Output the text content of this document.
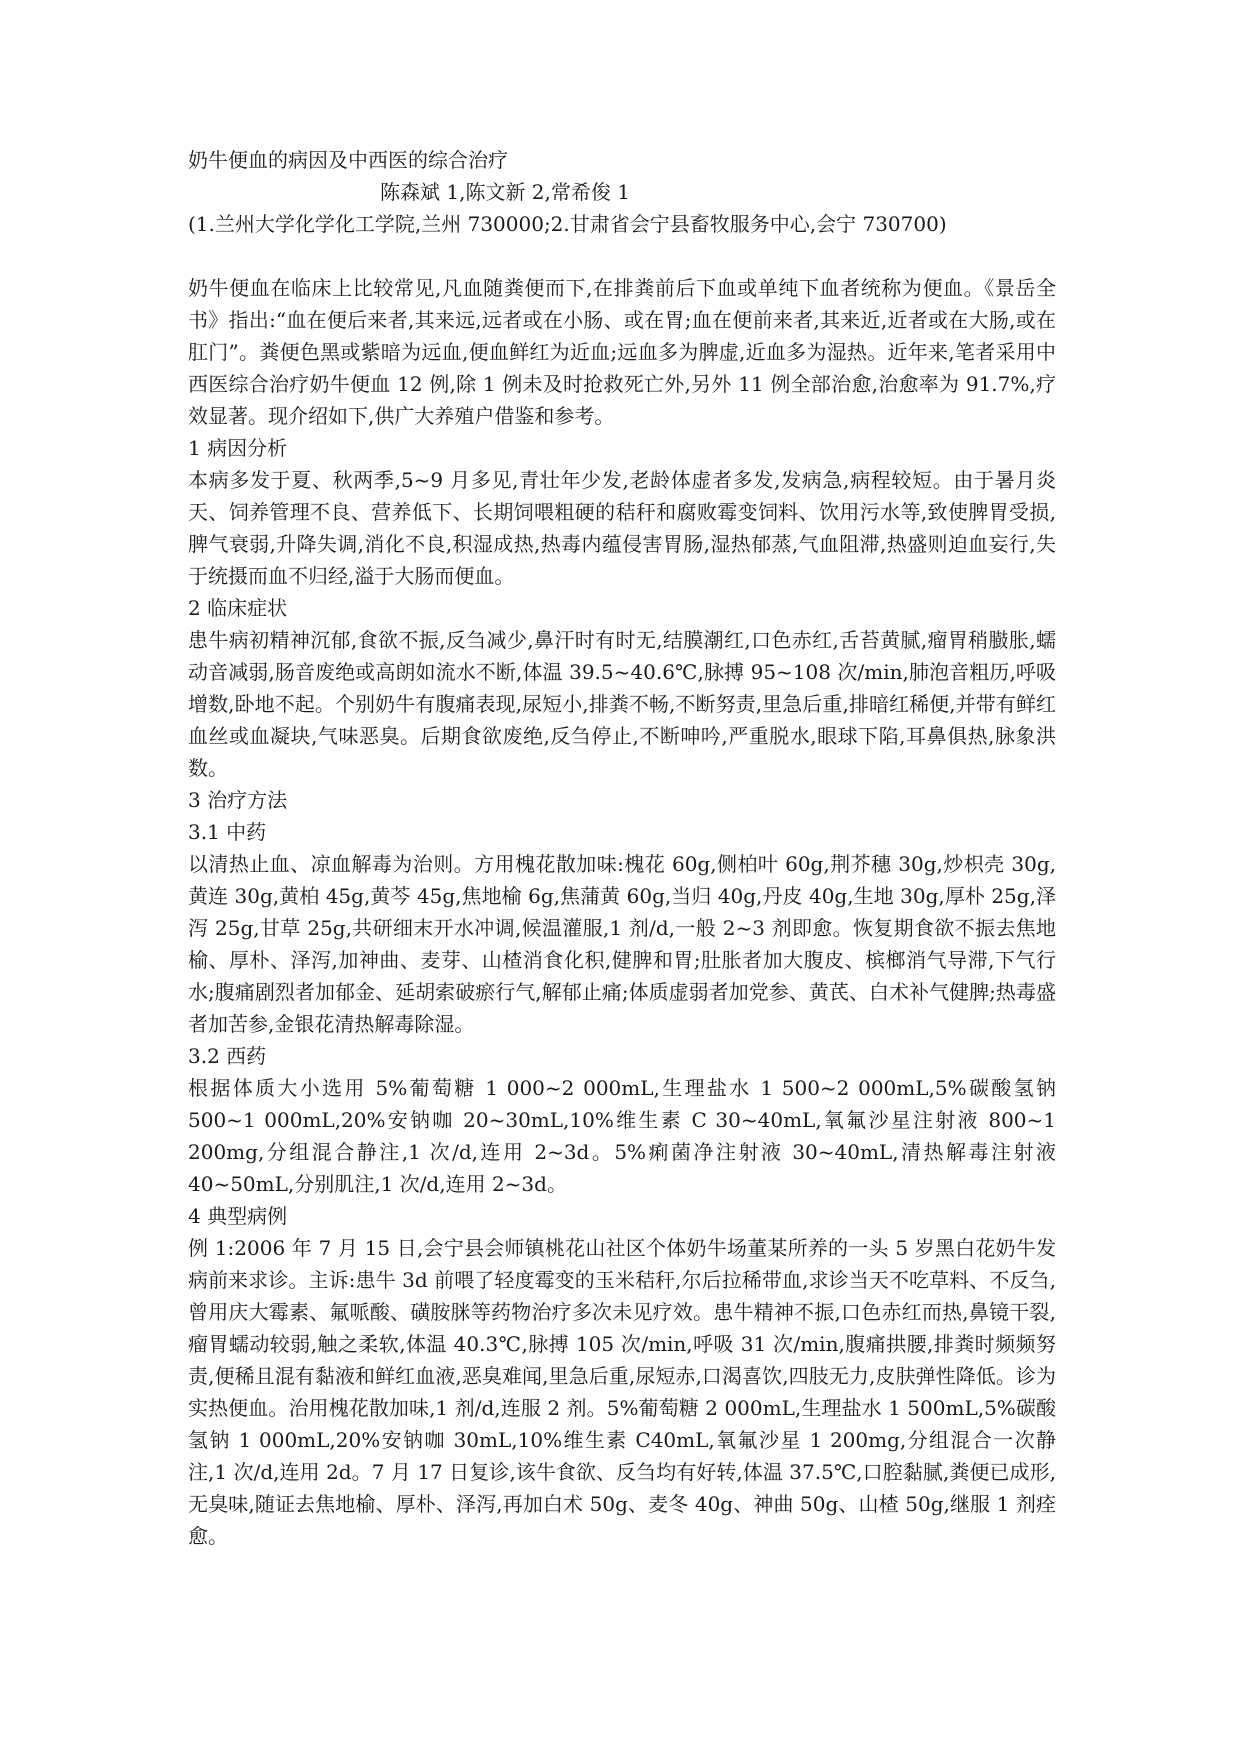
奶牛便血的病因及中西医的综合治疗

陈森斌 1,陈文新 2,常希俊 1

(1.兰州大学化学化工学院,兰州 730000;2.甘肃省会宁县畜牧服务中心,会宁 730700)

奶牛便血在临床上比较常见,凡血随粪便而下,在排粪前后下血或单纯下血者统称为便血。《景岳全书》指出:“血在便后来者,其来远,远者或在小肠、或在胃;血在便前来者,其来近,近者或在大肠,或在肛门”。粪便色黑或紫暗为远血,便血鲜红为近血;远血多为脾虚,近血多为湿热。近年来,笔者采用中西医综合治疗奶牛便血 12 例,除 1 例未及时抢救死亡外,另外 11 例全部治愈,治愈率为 91.7%,疗效显著。现介绍如下,供广大养殖户借鉴和参考。

1 病因分析

本病多发于夏、秋两季,5~9 月多见,青壮年少发,老龄体虚者多发,发病急,病程较短。由于暑月炎天、饲养管理不良、营养低下、长期饲喂粗硬的秸秆和腐败霉变饲料、饮用污水等,致使脾胃受损,脾气衰弱,升降失调,消化不良,积湿成热,热毒内蕴侵害胃肠,湿热郁蒸,气血阻滞,热盛则迫血妄行,失于统摄而血不归经,溢于大肠而便血。

2 临床症状

患牛病初精神沉郁,食欲不振,反刍减少,鼻汗时有时无,结膜潮红,口色赤红,舌苔黄腻,瘤胃稍臌胀,蠕动音减弱,肠音废绝或高朗如流水不断,体温 39.5~40.6℃,脉搏 95~108 次/min,肺泡音粗历,呼吸增数,卧地不起。个别奶牛有腹痛表现,尿短小,排粪不畅,不断努责,里急后重,排暗红稀便,并带有鲜红血丝或血凝块,气味恶臭。后期食欲废绝,反刍停止,不断呻吟,严重脱水,眼球下陷,耳鼻俱热,脉象洪数。

3 治疗方法

3.1 中药

以清热止血、凉血解毒为治则。方用槐花散加味:槐花 60g,侧柏叶 60g,荆芥穗 30g,炒枳壳 30g,黄连 30g,黄柏 45g,黄芩 45g,焦地榆 6g,焦蒲黄 60g,当归 40g,丹皮 40g,生地 30g,厚朴 25g,泽泻 25g,甘草 25g,共研细末开水冲调,候温灌服,1 剂/d,一般 2~3 剂即愈。恢复期食欲不振去焦地榆、厚朴、泽泻,加神曲、麦芽、山楂消食化积,健脾和胃;肚胀者加大腹皮、槟榔消气导滞,下气行水;腹痛剧烈者加郁金、延胡索破瘀行气,解郁止痛;体质虚弱者加党参、黄芪、白术补气健脾;热毒盛者加苦参,金银花清热解毒除湿。

3.2 西药

根据体质大小选用 5%葡萄糖 1 000~2 000mL,生理盐水 1 500~2 000mL,5%碳酸氢钠 500~1 000mL,20%安钠咖 20~30mL,10%维生素 C 30~40mL,氧氟沙星注射液 800~1 200mg,分组混合静注,1 次/d,连用 2~3d。5%痢菌净注射液 30~40mL,清热解毒注射液 40~50mL,分别肌注,1 次/d,连用 2~3d。

4 典型病例

例 1:2006 年 7 月 15 日,会宁县会师镇桃花山社区个体奶牛场董某所养的一头 5 岁黑白花奶牛发病前来求诊。主诉:患牛 3d 前喂了轻度霉变的玉米秸秆,尔后拉稀带血,求诊当天不吃草料、不反刍,曾用庆大霉素、氟哌酸、磺胺脒等药物治疗多次未见疗效。患牛精神不振,口色赤红而热,鼻镜干裂,瘤胃蠕动较弱,触之柔软,体温 40.3℃,脉搏 105 次/min,呼吸 31 次/min,腹痛拱腰,排粪时频频努责,便稀且混有黏液和鲜红血液,恶臭难闻,里急后重,尿短赤,口渴喜饮,四肢无力,皮肤弹性降低。诊为实热便血。治用槐花散加味,1 剂/d,连服 2 剂。5%葡萄糖 2 000mL,生理盐水 1 500mL,5%碳酸氢钠 1 000mL,20%安钠咖 30mL,10%维生素 C40mL,氧氟沙星 1 200mg,分组混合一次静注,1 次/d,连用 2d。7 月 17 日复诊,该牛食欲、反刍均有好转,体温 37.5℃,口腔黏腻,粪便已成形,无臭味,随证去焦地榆、厚朴、泽泻,再加白术 50g、麦冬 40g、神曲 50g、山楂 50g,继服 1 剂痊愈。
